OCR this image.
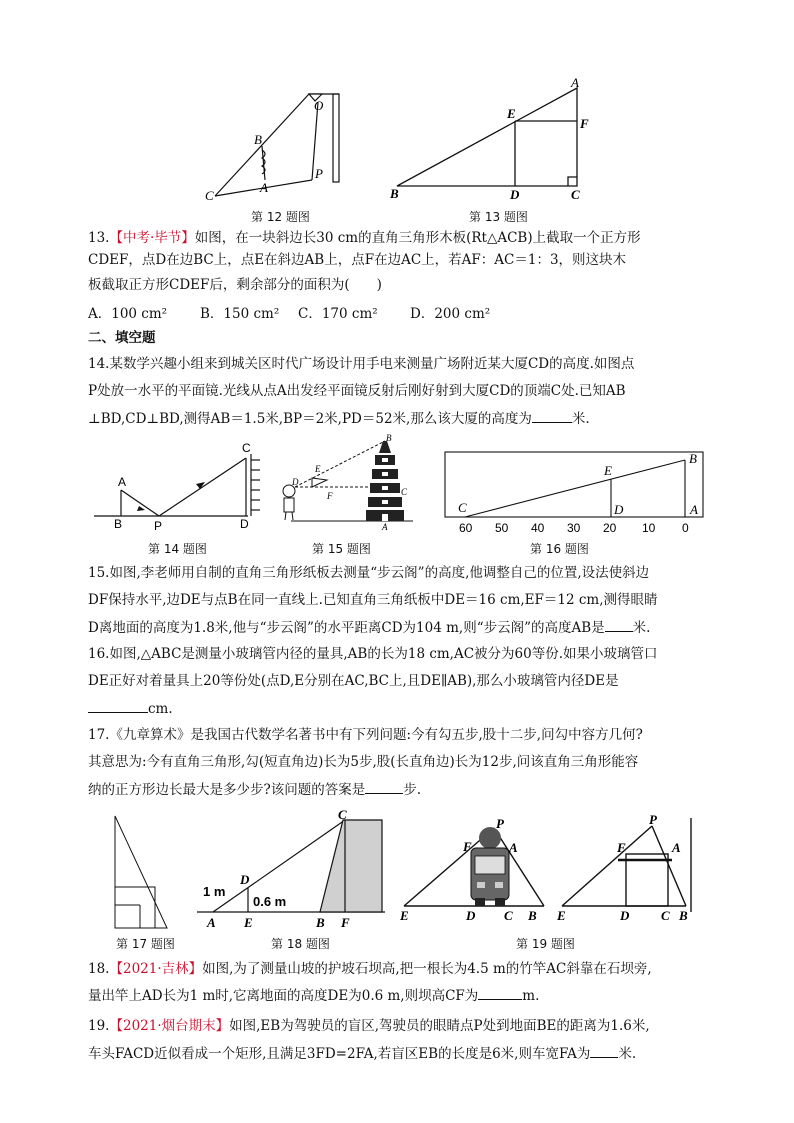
O
B
C
A
P
第 12 题图
A
E
F
B	D	C
第 13 题图
13.【中考·毕节】如图，在一块斜边长30 cm的直角三角形木板(Rt△ACB)上截取一个正方形
CDEF，点D在边BC上，点E在斜边AB上，点F在边AC上，若AF：AC＝1：3，则这块木
板截取正方形CDEF后，剩余部分的面积为(　　)
A．100 cm² B．150 cm² C．170 cm² D．200 cm²
二、填空题
14.某数学兴趣小组来到城关区时代广场设计用手电来测量广场附近某大厦CD的高度.如图点
P处放一水平的平面镜.光线从点A出发经平面镜反射后刚好射到大厦CD的顶端C处.已知AB
⊥BD,CD⊥BD,测得AB＝1.5米,BP＝2米,PD＝52米,那么该大厦的高度为	米.
A
B	P
C
D
第 14 题图
B
E
D
F	C
A
第 15 题图
B
E
C	D	A
60 50 40 30 20 10 0
第 16 题图
15.如图,李老师用自制的直角三角形纸板去测量“步云阁”的高度,他调整自己的位置,设法使斜边
DF保持水平,边DE与点B在同一直线上.已知直角三角纸板中DE＝16 cm,EF＝12 cm,测得眼睛
D离地面的高度为1.8米,他与“步云阁”的水平距离CD为104 m,则“步云阁”的高度AB是 米.
16.如图,△ABC是测量小玻璃管内径的量具,AB的长为18 cm,AC被分为60等份.如果小玻璃管口
DE正好对着量具上20等份处(点D,E分别在AC,BC上,且DE∥AB),那么小玻璃管内径DE是
cm.
17.《九章算术》是我国古代数学名著书中有下列问题:今有勾五步,股十二步,问勾中容方几何?
其意思为:今有直角三角形,勾(短直角边)长为5步,股(长直角边)长为12步,问该直角三角形能容
纳的正方形边长最大是多少步?该问题的答案是	步.
第 17 题图
C
D
1 m
0.6 m
A E	B F
第 18 题图
P
F	A
E	D C B
P
F	A
E	D C B
第 19 题图
18.【2021·吉林】如图,为了测量山坡的护坡石坝高,把一根长为4.5 m的竹竿AC斜靠在石坝旁,
量出竿上AD长为1 m时,它离地面的高度DE为0.6 m,则坝高CF为	m.
19.【2021·烟台期末】如图,EB为驾驶员的盲区,驾驶员的眼睛点P处到地面BE的距离为1.6米,
车头FACD近似看成一个矩形,且满足3FD=2FA,若盲区EB的长度是6米,则车宽FA为 米.
